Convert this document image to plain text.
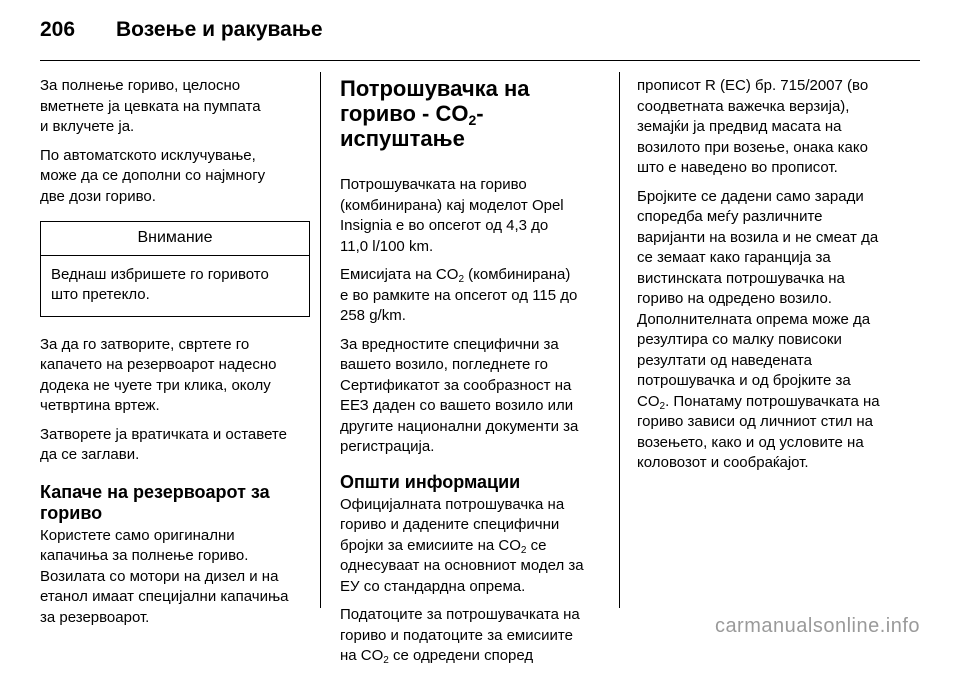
206	Возење и ракување

За полнење гориво, целосно
вметнете ја цевката на пумпата
и вклучете ја.

По автоматското исклучување,
може да се дополни со најмногу
две дози гориво.

Внимание
Веднаш избришете го горивото
што претекло.

За да го затворите, свртете го
капачето на резервоарот надесно
додека не чуете три клика, околу
четвртина вртеж.

Затворете ја вратичката и оставете
да се заглави.

Капаче на резервоарот за
гориво

Користете само оригинални
капачиња за полнење гориво.
Возилата со мотори на дизел и на
етанол имаат специјални капачиња
за резервоарот.

Потрошувачка на
гориво - $CO_2$-испуштање

Потрошувачката на гориво
(комбинирана) кај моделот Opel
Insignia е во опсегот од 4,3 до
11,0 l/100 km.

Емисијата на $CO_2$ (комбинирана)
е во рамките на опсегот од 115 до
258 g/km.

За вредностите специфични за
вашето возило, погледнете го
Сертификатот за сообразност на
ЕЕЗ даден со вашето возило или
другите национални документи за
регистрација.

Општи информации

Официјалната потрошувачка на
гориво и дадените специфични
бројки за емисиите на $CO_2$ се
однесуваат на основниот модел за
ЕУ со стандардна опрема.

Податоците за потрошувачката на
гориво и податоците за емисиите
на $CO_2$ се одредени според

прописот R (ЕС) бр. 715/2007 (во
соодветната важечка верзија),
земајќи ја предвид масата на
возилото при возење, онака како
што е наведено во прописот.

Бројките се дадени само заради
споредба меѓу различните
варијанти на возила и не смеат да
се земаат како гаранција за
вистинската потрошувачка на
гориво на одредено возило.
Дополнителната опрема може да
резултира со малку повисоки
резултати од наведената
потрошувачка и од бројките за
$CO_2$. Понатаму потрошувачката на
гориво зависи од личниот стил на
возењето, како и од условите на
коловозот и сообраќајот.

carmanualsonline.info
